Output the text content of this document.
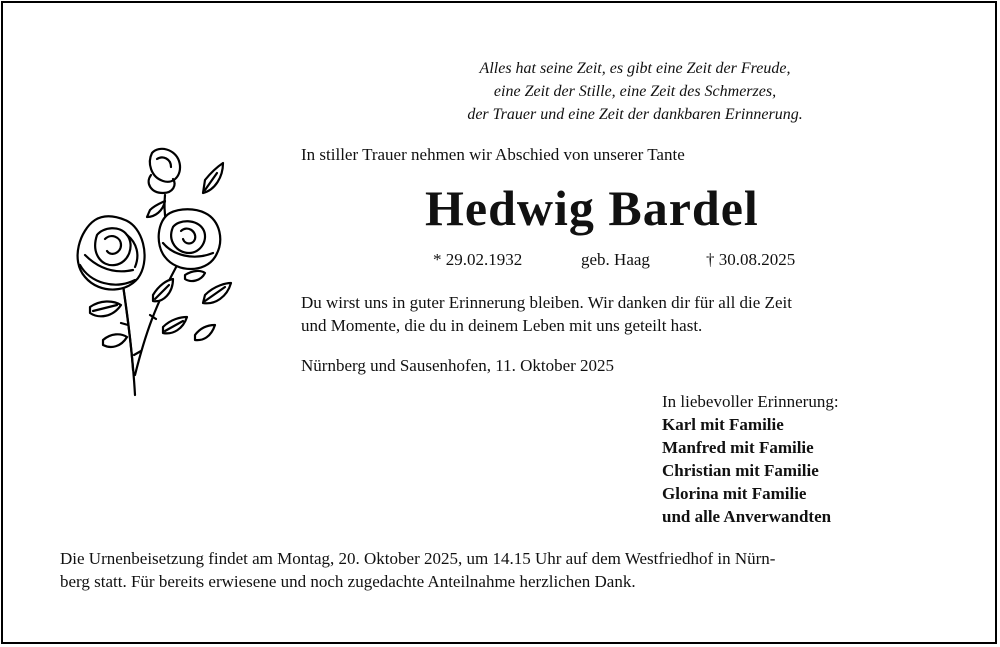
Alles hat seine Zeit, es gibt eine Zeit der Freude,
eine Zeit der Stille, eine Zeit des Schmerzes,
der Trauer und eine Zeit der dankbaren Erinnerung.
In stiller Trauer nehmen wir Abschied von unserer Tante
Hedwig Bardel
* 29.02.1932	geb. Haag	† 30.08.2025
Du wirst uns in guter Erinnerung bleiben. Wir danken dir für all die Zeit
und Momente, die du in deinem Leben mit uns geteilt hast.
Nürnberg und Sausenhofen, 11. Oktober 2025
In liebevoller Erinnerung:
Karl mit Familie
Manfred mit Familie
Christian mit Familie
Glorina mit Familie
und alle Anverwandten
Die Urnenbeisetzung findet am Montag, 20. Oktober 2025, um 14.15 Uhr auf dem Westfriedhof in Nürn-
berg statt. Für bereits erwiesene und noch zugedachte Anteilnahme herzlichen Dank.
